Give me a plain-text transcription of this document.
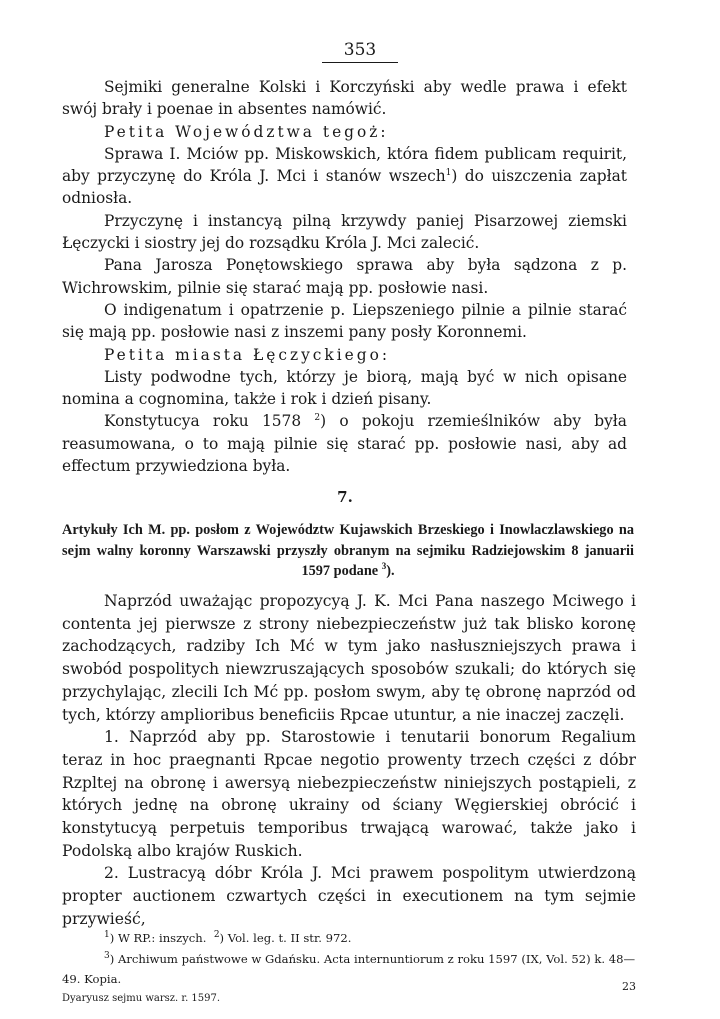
353

Sejmiki generalne Kolski i Korczyński aby wedle prawa i efekt swój brały i poenae in absentes namówić.

Petita Województwa tegoż:

Sprawa I. Mciów pp. Miskowskich, która fidem publicam requirit, aby przyczynę do Króla J. Mci i stanów wszech$^1$) do uiszczenia zapłat odniosła.

Przyczynę i instancyą pilną krzywdy paniej Pisarzowej ziemski Łęczycki i siostry jej do rozsądku Króla J. Mci zalecić.

Pana Jarosza Ponętowskiego sprawa aby była sądzona z p. Wichrowskim, pilnie się starać mają pp. posłowie nasi.

O indigenatum i opatrzenie p. Liepszeniego pilnie a pilnie starać się mają pp. posłowie nasi z inszemi pany posły Koronnemi.

Petita miasta Łęczyckiego:

Listy podwodne tych, którzy je biorą, mają być w nich opisane nomina a cognomina, także i rok i dzień pisany.

Konstytucya roku 1578 $^2$) o pokoju rzemieślników aby była reasumowana, o to mają pilnie się starać pp. posłowie nasi, aby ad effectum przywiedziona była.

7.
Artykuły Ich M. pp. posłom z Województw Kujawskich Brzeskiego i Inowlaczlawskiego na sejm walny koronny Warszawski przyszły obranym na sejmiku Radziejowskim 8 januarii 1597 podane $^3$).

Naprzód uważając propozycyą J. K. Mci Pana naszego Mciwego i contenta jej pierwsze z strony niebezpieczeństw już tak blisko koronę zachodzących, radziby Ich Mć w tym jako nasłuszniejszych prawa i swobód pospolitych niewzruszających sposobów szukali; do których się przychylając, zlecili Ich Mć pp. posłom swym, aby tę obronę naprzód od tych, którzy amplioribus beneficiis Rpcae utuntur, a nie inaczej zaczęli.

1. Naprzód aby pp. Starostowie i tenutarii bonorum Regalium teraz in hoc praegnanti Rpcae negotio prowenty trzech części z dóbr Rzpltej na obronę i awersyą niebezpieczeństw niniejszych postąpieli, z których jednę na obronę ukrainy od ściany Węgierskiej obrócić i konstytucyą perpetuis temporibus trwającą warować, także jako i Podolską albo krajów Ruskich.

2. Lustracyą dóbr Króla J. Mci prawem pospolitym utwierdzoną propter auctionem czwartych części in executionem na tym sejmie przywieść,

$^1$) W RP.: inszych. $^2$) Vol. leg. t. II str. 972.

$^3$) Archiwum państwowe w Gdańsku. Acta internuntiorum z roku 1597 (IX, Vol. 52) k. 48—49. Kopia.

Dyaryusz sejmu warsz. r. 1597.
23
